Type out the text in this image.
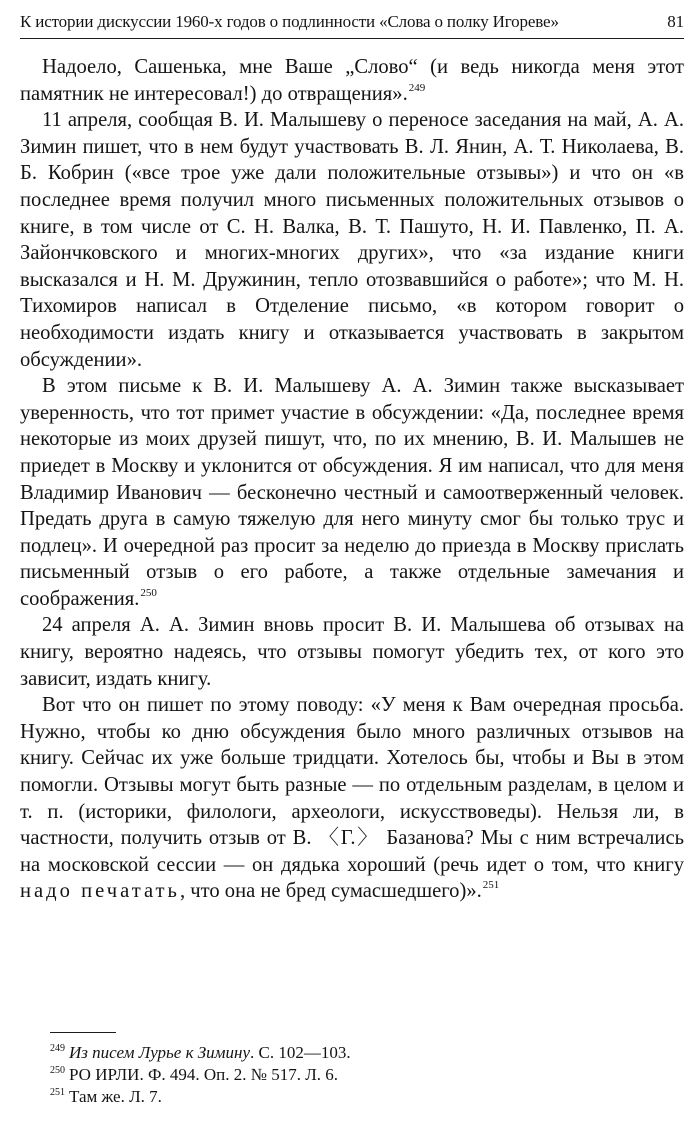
К истории дискуссии 1960-х годов о подлинности «Слова о полку Игореве»	81

Надоело, Сашенька, мне Ваше „Слово“ (и ведь никогда меня этот памятник не интересовал!) до отвращения».$^{249}$

11 апреля, сообщая В. И. Малышеву о переносе заседания на май, А. А. Зимин пишет, что в нем будут участвовать В. Л. Янин, А. Т. Николаева, В. Б. Кобрин («все трое уже дали положительные отзывы») и что он «в последнее время получил много письменных положительных отзывов о книге, в том числе от С. Н. Валка, В. Т. Пашуто, Н. И. Павленко, П. А. Зайончковского и многих-многих других», что «за издание книги высказался и Н. М. Дружинин, тепло отозвавшийся о работе»; что М. Н. Тихомиров написал в Отделение письмо, «в котором говорит о необходимости издать книгу и отказывается участвовать в закрытом обсуждении».

В этом письме к В. И. Малышеву А. А. Зимин также высказывает уверенность, что тот примет участие в обсуждении: «Да, последнее время некоторые из моих друзей пишут, что, по их мнению, В. И. Малышев не приедет в Москву и уклонится от обсуждения. Я им написал, что для меня Владимир Иванович — бесконечно честный и самоотверженный человек. Предать друга в самую тяжелую для него минуту смог бы только трус и подлец». И очередной раз просит за неделю до приезда в Москву прислать письменный отзыв о его работе, а также отдельные замечания и соображения.$^{250}$

24 апреля А. А. Зимин вновь просит В. И. Малышева об отзывах на книгу, вероятно надеясь, что отзывы помогут убедить тех, от кого это зависит, издать книгу.

Вот что он пишет по этому поводу: «У меня к Вам очередная просьба. Нужно, чтобы ко дню обсуждения было много различных отзывов на книгу. Сейчас их уже больше тридцати. Хотелось бы, чтобы и Вы в этом помогли. Отзывы могут быть разные — по отдельным разделам, в целом и т. п. (историки, филологи, археологи, искусствоведы). Нельзя ли, в частности, получить отзыв от В. 〈Г.〉 Базанова? Мы с ним встречались на московской сессии — он дядька хороший (речь идет о том, что книгу надо печатать, что она не бред сумасшедшего)».$^{251}$

$^{249}$ Из писем Лурье к Зимину. С. 102—103.

$^{250}$ РО ИРЛИ. Ф. 494. Оп. 2. № 517. Л. 6.

$^{251}$ Там же. Л. 7.
